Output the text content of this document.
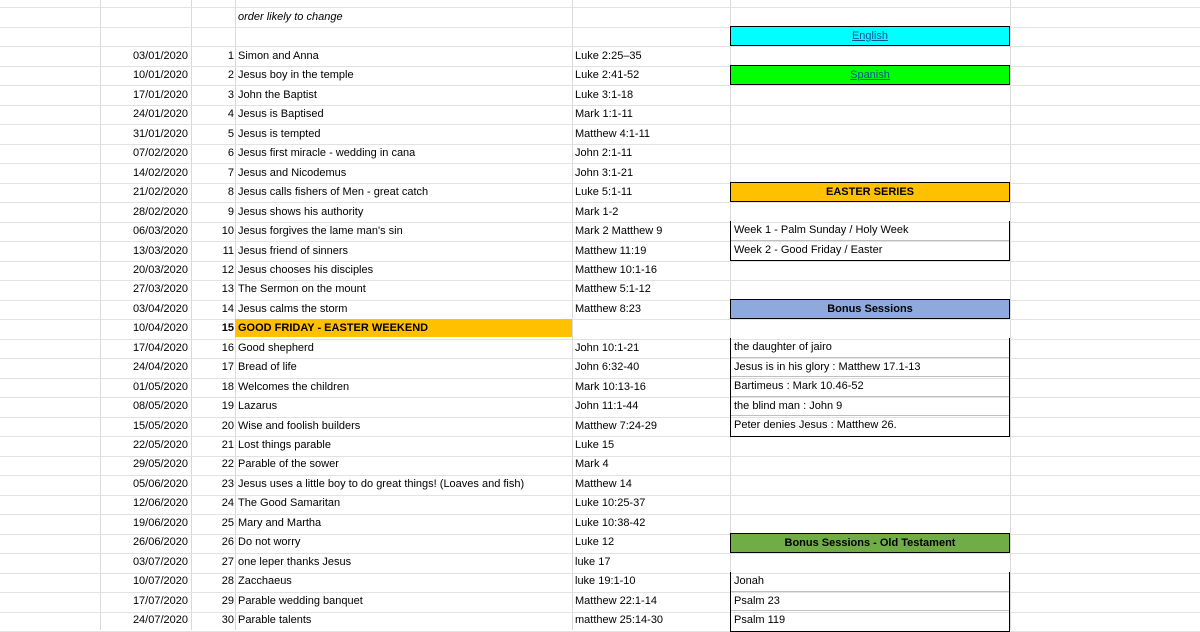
order likely to change
03/01/2020	1 Simon and Anna	Luke 2:25–35
10/01/2020	2 Jesus boy in the temple	Luke 2:41-52
17/01/2020	3 John the Baptist	Luke 3:1-18
24/01/2020	4 Jesus is Baptised	Mark 1:1-11
31/01/2020	5 Jesus is tempted	Matthew 4:1-11
07/02/2020	6 Jesus first miracle - wedding in cana	John 2:1-11
14/02/2020	7 Jesus and Nicodemus	John 3:1-21
21/02/2020	8 Jesus calls fishers of Men - great catch	Luke 5:1-11
28/02/2020	9 Jesus shows his authority	Mark 1-2
06/03/2020	10 Jesus forgives the lame man's sin	Mark 2 Matthew 9
13/03/2020	11 Jesus friend of sinners	Matthew 11:19
20/03/2020	12 Jesus chooses his disciples	Matthew 10:1-16
27/03/2020	13 The Sermon on the mount	Matthew 5:1-12
03/04/2020	14 Jesus calms the storm	Matthew 8:23
10/04/2020	15 GOOD FRIDAY - EASTER WEEKEND
17/04/2020	16 Good shepherd	John 10:1-21
24/04/2020	17 Bread of life	John 6:32-40
01/05/2020	18 Welcomes the children	Mark 10:13-16
08/05/2020	19 Lazarus	John 11:1-44
15/05/2020	20 Wise and foolish builders	Matthew 7:24-29
22/05/2020	21 Lost things parable	Luke 15
29/05/2020	22 Parable of the sower	Mark 4
05/06/2020	23 Jesus uses a little boy to do great things! (Loaves and fish)	Matthew 14
12/06/2020	24 The Good Samaritan	Luke 10:25-37
19/06/2020	25 Mary and Martha	Luke 10:38-42
26/06/2020	26 Do not worry	Luke 12
03/07/2020	27 one leper thanks Jesus	luke 17
10/07/2020	28 Zacchaeus	luke 19:1-10
17/07/2020	29 Parable wedding banquet	Matthew 22:1-14
24/07/2020	30 Parable talents	matthew 25:14-30
English
Spanish
EASTER SERIES
Week 1 - Palm Sunday / Holy Week
Week 2 - Good Friday / Easter
Bonus Sessions
the daughter of jairo
Jesus is in his glory : Matthew 17.1-13
Bartimeus : Mark 10.46-52
the blind man : John 9
Peter denies Jesus : Matthew 26.
Bonus Sessions - Old Testament
Jonah
Psalm 23
Psalm 119
